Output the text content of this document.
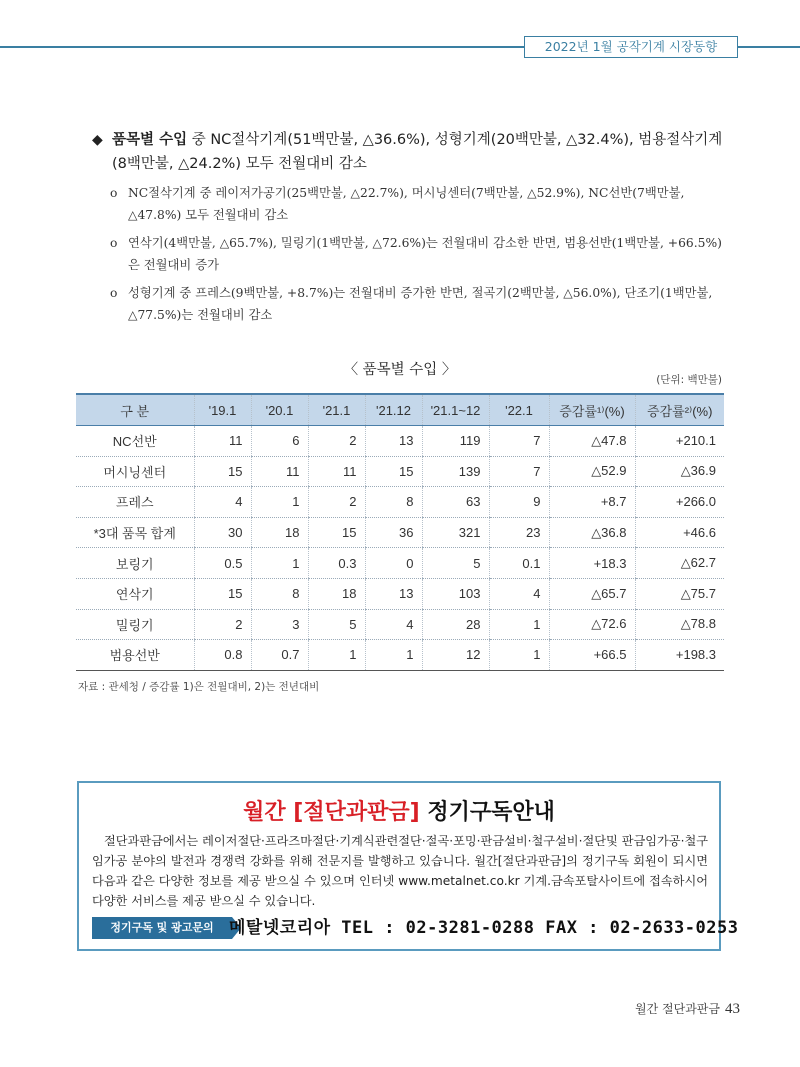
2022년 1월 공작기계 시장동향
◆ 품목별 수입 중 NC절삭기계(51백만불, △36.6%), 성형기계(20백만불, △32.4%), 범용절삭기계(8백만불, △24.2%) 모두 전월대비 감소
o NC절삭기계 중 레이저가공기(25백만불, △22.7%), 머시닝센터(7백만불, △52.9%), NC선반(7백만불, △47.8%) 모두 전월대비 감소
o 연삭기(4백만불, △65.7%), 밀링기(1백만불, △72.6%)는 전월대비 감소한 반면, 범용선반(1백만불, +66.5%)은 전월대비 증가
o 성형기계 중 프레스(9백만불, +8.7%)는 전월대비 증가한 반면, 절곡기(2백만불, △56.0%), 단조기(1백만불, △77.5%)는 전월대비 감소
〈 품목별 수입 〉
(단위: 백만불)
구 분	'19.1	'20.1	'21.1	'21.12	'21.1~12	'22.1	증감률¹⁾(%)	증감률²⁾(%)
NC선반	11	6	2	13	119	7	△47.8	+210.1
머시닝센터	15	11	11	15	139	7	△52.9	△36.9
프레스	4	1	2	8	63	9	+8.7	+266.0
*3대 품목 합계	30	18	15	36	321	23	△36.8	+46.6
보링기	0.5	1	0.3	0	5	0.1	+18.3	△62.7
연삭기	15	8	18	13	103	4	△65.7	△75.7
밀링기	2	3	5	4	28	1	△72.6	△78.8
범용선반	0.8	0.7	1	1	12	1	+66.5	+198.3
자료 : 관세청 / 증감률 1)은 전월대비, 2)는 전년대비
월간 [절단과판금] 정기구독안내
절단과판금에서는 레이저절단·프라즈마절단·기계식관련절단·절곡·포밍·판금설비·철구설비·절단및 판금임가공·철구임가공 분야의 발전과 경쟁력 강화를 위해 전문지를 발행하고 있습니다. 월간[절단과판금]의 정기구독 회원이 되시면 다음과 같은 다양한 정보를 제공 받으실 수 있으며 인터넷 www.metalnet.co.kr 기계.금속포탈사이트에 접속하시어 다양한 서비스를 제공 받으실 수 있습니다.
정기구독 및 광고문의 메탈넷코리아 TEL : 02-3281-0288 FAX : 02-2633-0253
월간 절단과판금 43
